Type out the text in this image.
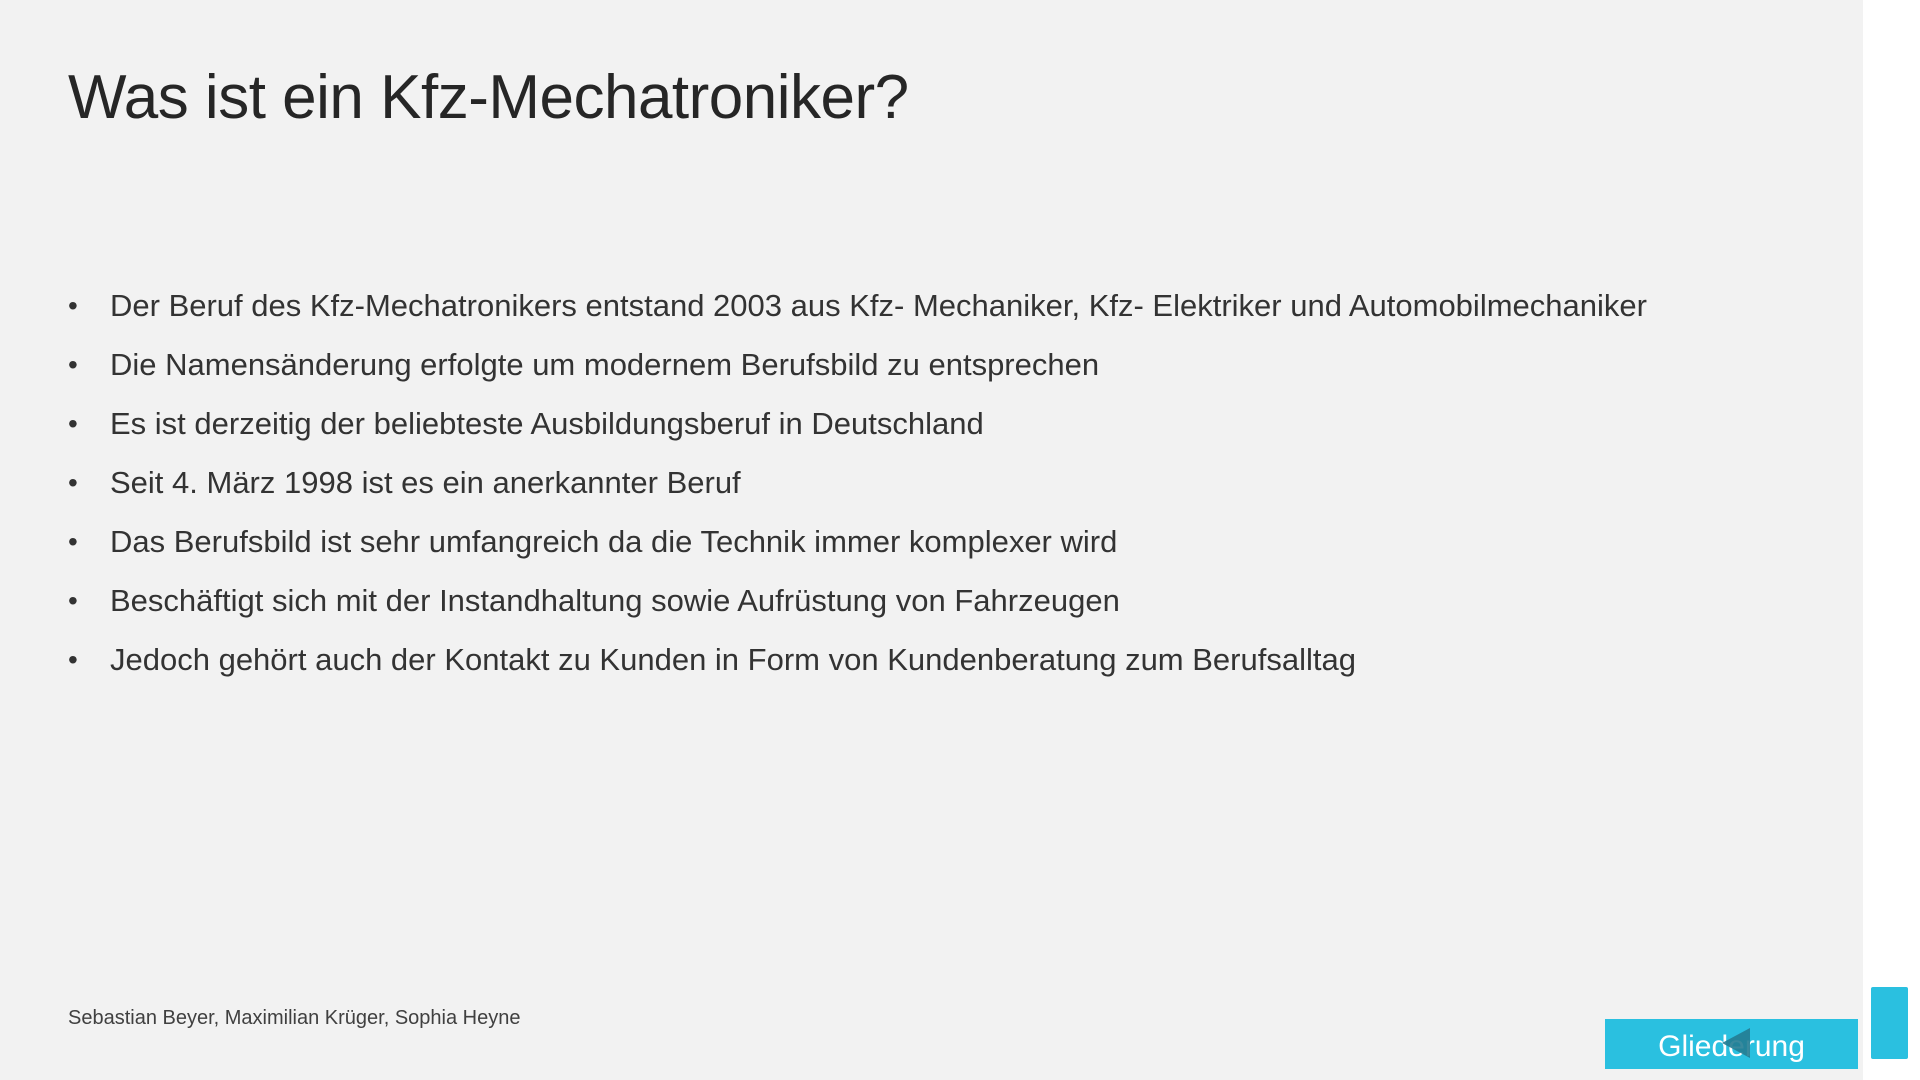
Was ist ein Kfz-Mechatroniker?
• Der Beruf des Kfz-Mechatronikers entstand 2003 aus Kfz- Mechaniker, Kfz- Elektriker und Automobilmechaniker
• Die Namensänderung erfolgte um modernem Berufsbild zu entsprechen
• Es ist derzeitig der beliebteste Ausbildungsberuf in Deutschland
• Seit 4. März 1998 ist es ein anerkannter Beruf
• Das Berufsbild ist sehr umfangreich da die Technik immer komplexer wird
• Beschäftigt sich mit der Instandhaltung sowie Aufrüstung von Fahrzeugen
• Jedoch gehört auch der Kontakt zu Kunden in Form von Kundenberatung zum Berufsalltag
Sebastian Beyer, Maximilian Krüger, Sophia Heyne
Gliederung
